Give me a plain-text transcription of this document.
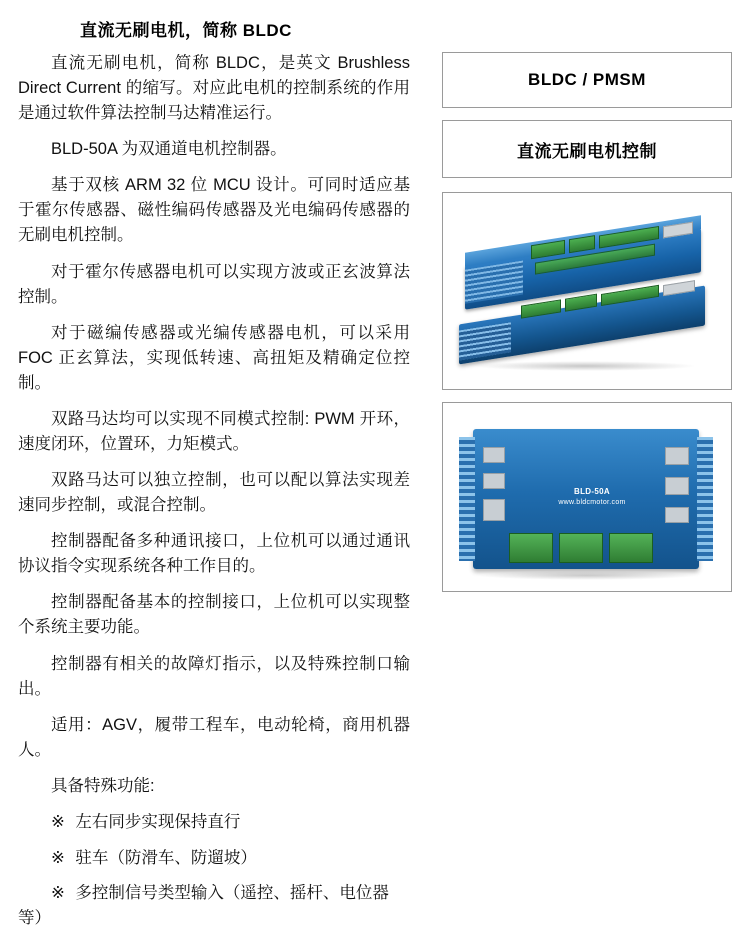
直流无刷电机，简称 BLDC

直流无刷电机，简称 BLDC，是英文 Brushless Direct Current 的缩写。对应此电机的控制系统的作用是通过软件算法控制马达精准运行。

BLD-50A 为双通道电机控制器。

基于双核 ARM 32 位 MCU 设计。可同时适应基于霍尔传感器、磁性编码传感器及光电编码传感器的无刷电机控制。

对于霍尔传感器电机可以实现方波或正玄波算法控制。

对于磁编传感器或光编传感器电机，可以采用 FOC 正玄算法，实现低转速、高扭矩及精确定位控制。

双路马达均可以实现不同模式控制: PWM 开环，速度闭环，位置环，力矩模式。

双路马达可以独立控制，也可以配以算法实现差速同步控制，或混合控制。

控制器配备多种通讯接口，上位机可以通过通讯协议指令实现系统各种工作目的。

控制器配备基本的控制接口，上位机可以实现整个系统主要功能。

控制器有相关的故障灯指示，以及特殊控制口输出。

适用：AGV，履带工程车，电动轮椅，商用机器人。

具备特殊功能:

※ 左右同步实现保持直行
※ 驻车（防滑车、防遛坡）
※ 多控制信号类型输入（遥控、摇杆、电位器等）
BLDC / PMSM
直流无刷电机控制
BLD-50A
www.bldcmotor.com
